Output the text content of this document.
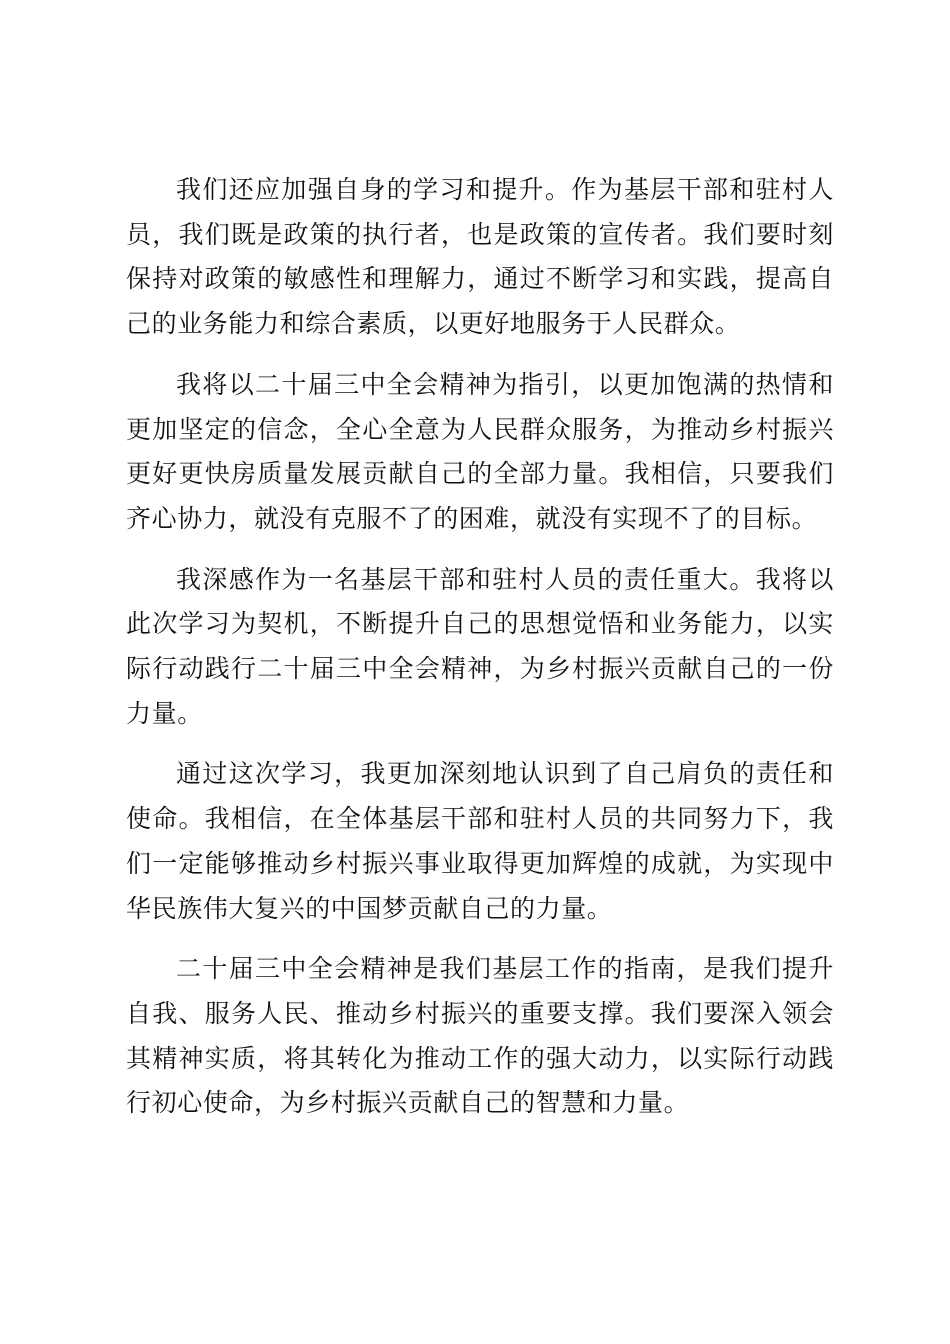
我们还应加强自身的学习和提升。作为基层干部和驻村人员，我们既是政策的执行者，也是政策的宣传者。我们要时刻保持对政策的敏感性和理解力，通过不断学习和实践，提高自己的业务能力和综合素质，以更好地服务于人民群众。

我将以二十届三中全会精神为指引，以更加饱满的热情和更加坚定的信念，全心全意为人民群众服务，为推动乡村振兴更好更快房质量发展贡献自己的全部力量。我相信，只要我们齐心协力，就没有克服不了的困难，就没有实现不了的目标。

我深感作为一名基层干部和驻村人员的责任重大。我将以此次学习为契机，不断提升自己的思想觉悟和业务能力，以实际行动践行二十届三中全会精神，为乡村振兴贡献自己的一份力量。

通过这次学习，我更加深刻地认识到了自己肩负的责任和使命。我相信，在全体基层干部和驻村人员的共同努力下，我们一定能够推动乡村振兴事业取得更加辉煌的成就，为实现中华民族伟大复兴的中国梦贡献自己的力量。

二十届三中全会精神是我们基层工作的指南，是我们提升自我、服务人民、推动乡村振兴的重要支撑。我们要深入领会其精神实质，将其转化为推动工作的强大动力，以实际行动践行初心使命，为乡村振兴贡献自己的智慧和力量。
